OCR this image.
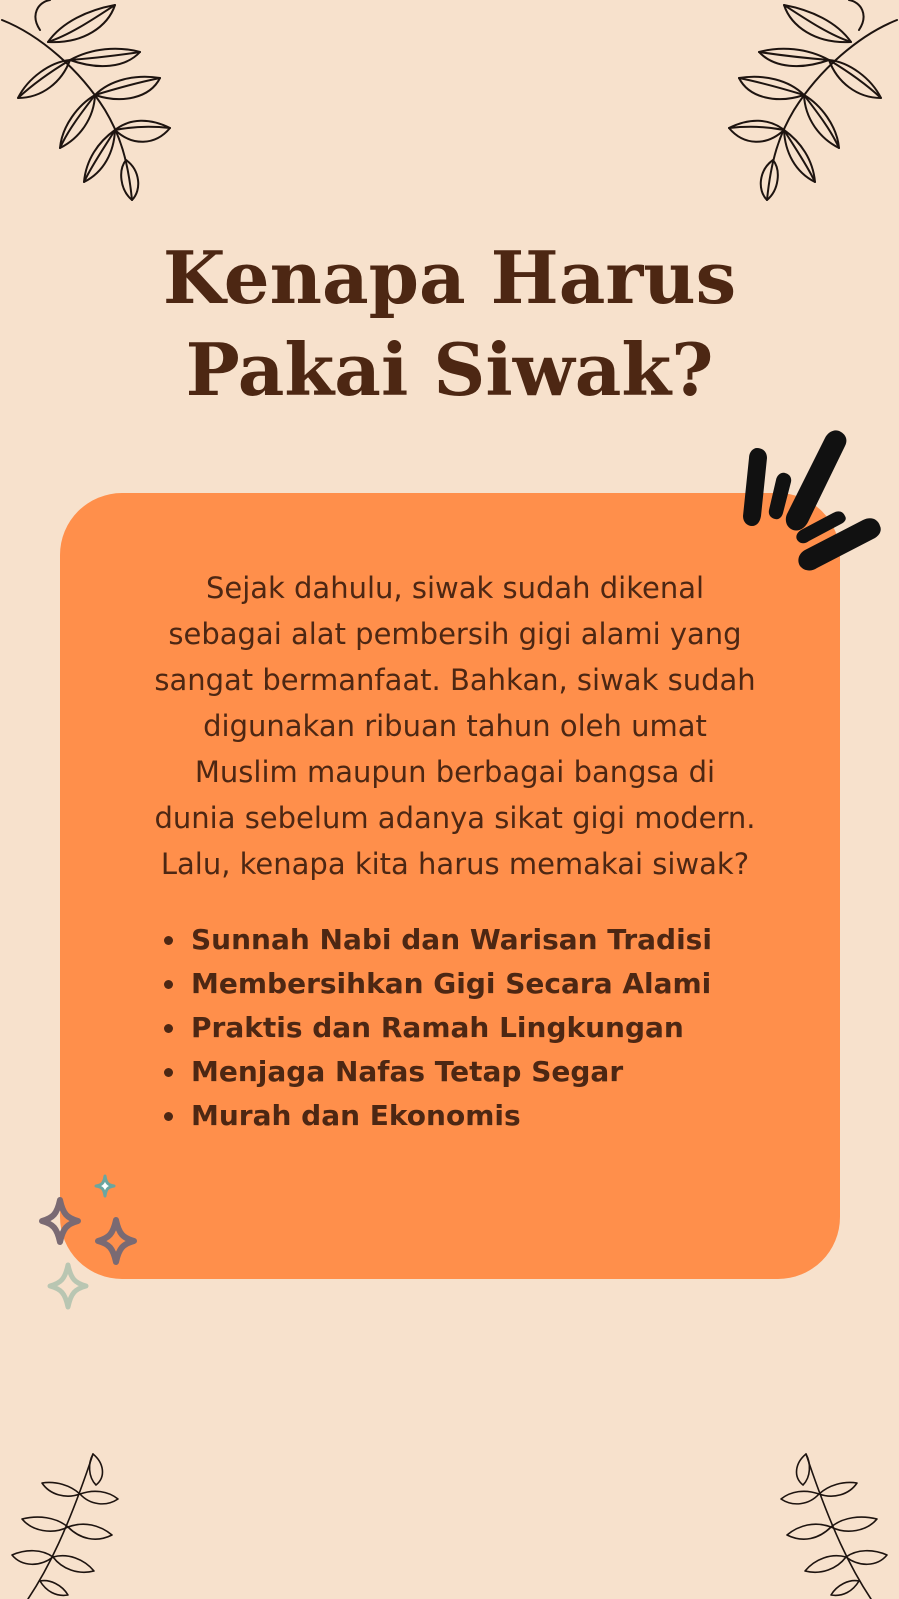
Kenapa Harus
Pakai Siwak?

Sejak dahulu, siwak sudah dikenal
sebagai alat pembersih gigi alami yang
sangat bermanfaat. Bahkan, siwak sudah
digunakan ribuan tahun oleh umat
Muslim maupun berbagai bangsa di
dunia sebelum adanya sikat gigi modern.
Lalu, kenapa kita harus memakai siwak?

Sunnah Nabi dan Warisan Tradisi
Membersihkan Gigi Secara Alami
Praktis dan Ramah Lingkungan
Menjaga Nafas Tetap Segar
Murah dan Ekonomis
